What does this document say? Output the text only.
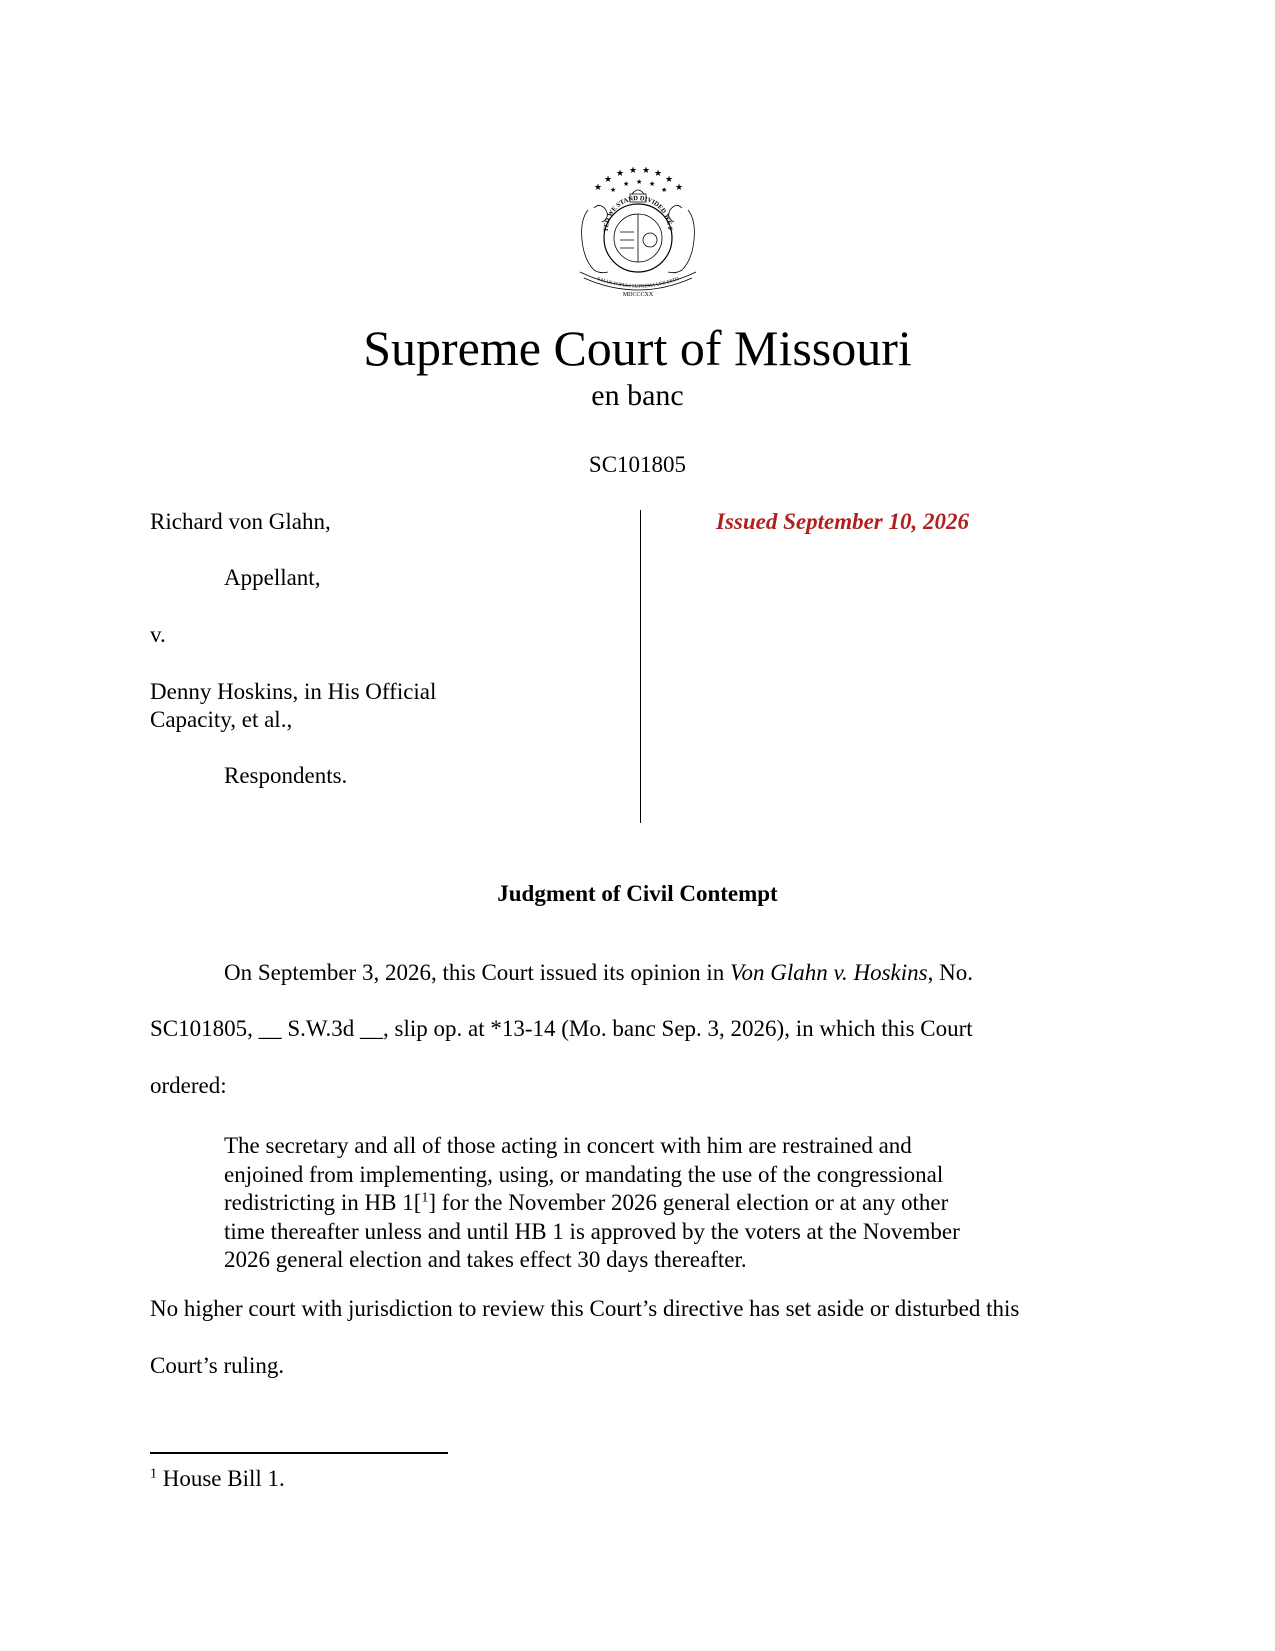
★
★
★ ★ ★ ★
★
★
★
★ ★ ★
★
TED WE STAND DIVIDED WE F
SALUS POPULI SUPREMA LEX ESTO
MDCCCXX
Supreme Court of Missouri
en banc
SC101805
Richard von Glahn,
Appellant,
v.
Denny Hoskins, in His Official
Capacity, et al.,
Respondents.
Issued September 10, 2026
Judgment of Civil Contempt
On September 3, 2026, this Court issued its opinion in Von Glahn v. Hoskins, No.
SC101805, __ S.W.3d __, slip op. at *13-14 (Mo. banc Sep. 3, 2026), in which this Court
ordered:
The secretary and all of those acting in concert with him are restrained and
enjoined from implementing, using, or mandating the use of the congressional
redistricting in HB 1[$^1$] for the November 2026 general election or at any other
time thereafter unless and until HB 1 is approved by the voters at the November
2026 general election and takes effect 30 days thereafter.
No higher court with jurisdiction to review this Court’s directive has set aside or disturbed this
Court’s ruling.
$^1$ House Bill 1.
